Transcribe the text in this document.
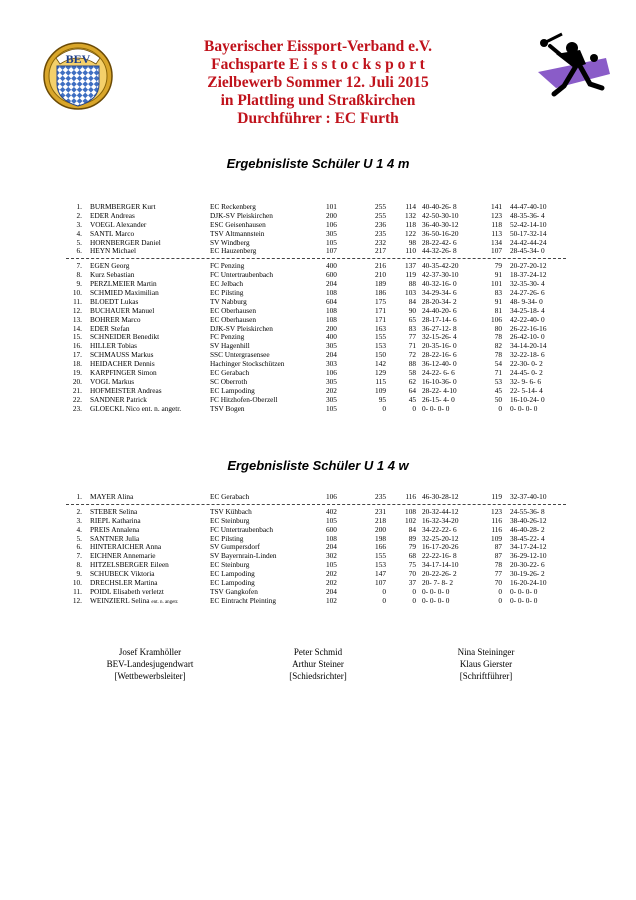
BEV
Bayerischer Eissport-Verband e.V.
Fachsparte E i s s t o c k s p o r t
Zielbewerb Sommer 12. Juli 2015
in Plattling und Straßkirchen
Durchführer : EC Furth
Ergebnisliste Schüler U 1 4 m
1. BURMBERGER Kurt	EC Reckenberg	101	255	114 40-40-26- 8	141 44-47-40-10
2. EDER Andreas	DJK-SV Pleiskirchen	200	255	132 42-50-30-10	123 48-35-36- 4
3. VOEGL Alexander	ESC Geisenhausen	106	236	118 36-40-30-12	118 52-42-14-10
4. SANTL Marco	TSV Altmannstein	305	235	122 36-50-16-20	113 50-17-32-14
5. HORNBERGER Daniel	SV Windberg	105	232	98 28-22-42- 6	134 24-42-44-24
6. HEYN Michael	EC Hauzenberg	107	217	110 44-32-26- 8	107 28-45-34- 0
7. EGEN Georg	FC Penzing	400	216	137 40-35-42-20	79 20-27-20-12
8. Kurz Sebastian	FC Untertraubenbach	600	210	119 42-37-30-10	91 18-37-24-12
9. PERZLMEIER Martin	EC Jelbach	204	189	88 40-32-16- 0	101 32-35-30- 4
10. SCHMIED Maximilian	EC Pilsting	108	186	103 34-29-34- 6	83 24-27-26- 6
11. BLOEDT Lukas	TV Nabburg	604	175	84 28-20-34- 2	91 48- 9-34- 0
12. BUCHAUER Manuel	EC Oberhausen	108	171	90 24-40-20- 6	81 34-25-18- 4
13. BOHRER Marco	EC Oberhausen	108	171	65 28-17-14- 6	106 42-22-40- 0
14. EDER Stefan	DJK-SV Pleiskirchen	200	163	83 36-27-12- 8	80 26-22-16-16
15. SCHNEIDER Benedikt	FC Penzing	400	155	77 32-15-26- 4	78 26-42-10- 0
16. HILLER Tobias	SV Hagenhill	305	153	71 20-35-16- 0	82 34-14-20-14
17. SCHMAUSS Markus	SSC Untergrasensee	204	150	72 28-22-16- 6	78 32-22-18- 6
18. HEIDACHER Dennis	Hachinger Stockschützen	303	142	88 36-12-40- 0	54 22-30- 0- 2
19. KARPFINGER Simon	EC Gerabach	106	129	58 24-22- 6- 6	71 24-45- 0- 2
20. VOGL Markus	SC Oberroth	305	115	62 16-10-36- 0	53 32- 9- 6- 6
21. HOFMEISTER Andreas	EC Lampoding	202	109	64 28-22- 4-10	45 22- 5-14- 4
22. SANDNER Patrick	FC Hitzhofen-Oberzell	305	95	45 26-15- 4- 0	50 16-10-24- 0
23. GLOECKL Nico ent. n. angetr.	TSV Bogen	105	0	0 0- 0- 0- 0	0 0- 0- 0- 0
Ergebnisliste Schüler U 1 4 w
1. MAYER Alina	EC Gerabach	106	235	116 46-30-28-12	119 32-37-40-10
2. STEBER Selina	TSV Kühbach	402	231	108 20-32-44-12	123 24-55-36- 8
3. RIEPL Katharina	EC Steinburg	105	218	102 16-32-34-20	116 38-40-26-12
4. PREIS Annalena	FC Untertraubenbach	600	200	84 34-22-22- 6	116 46-40-28- 2
5. SANTNER Julia	EC Pilsting	108	198	89 32-25-20-12	109 38-45-22- 4
6. HINTERAICHER Anna	SV Gumpersdorf	204	166	79 16-17-20-26	87 34-17-24-12
7. EICHNER Annemarie	SV Bayernrain-Linden	302	155	68 22-22-16- 8	87 36-29-12-10
8. HITZELSBERGER Eileen	EC Steinburg	105	153	75 34-17-14-10	78 20-30-22- 6
9. SCHUBECK Viktoria	EC Lampoding	202	147	70 20-22-26- 2	77 30-19-26- 2
10. DRECHSLER Martina	EC Lampoding	202	107	37 20- 7- 8- 2	70 16-20-24-10
11. POIDL Elisabeth verletzt	TSV Gangkofen	204	0	0 0- 0- 0- 0	0 0- 0- 0- 0
12. WEINZIERL Selina ent. n. angetr.	EC Eintracht Pleinting	102	0	0 0- 0- 0- 0	0 0- 0- 0- 0
Josef Kramhöller
BEV-Landesjugendwart
[Wettbewerbsleiter]
Peter Schmid
Arthur Steiner
[Schiedsrichter]
Nina Steininger
Klaus Gierster
[Schriftführer]
